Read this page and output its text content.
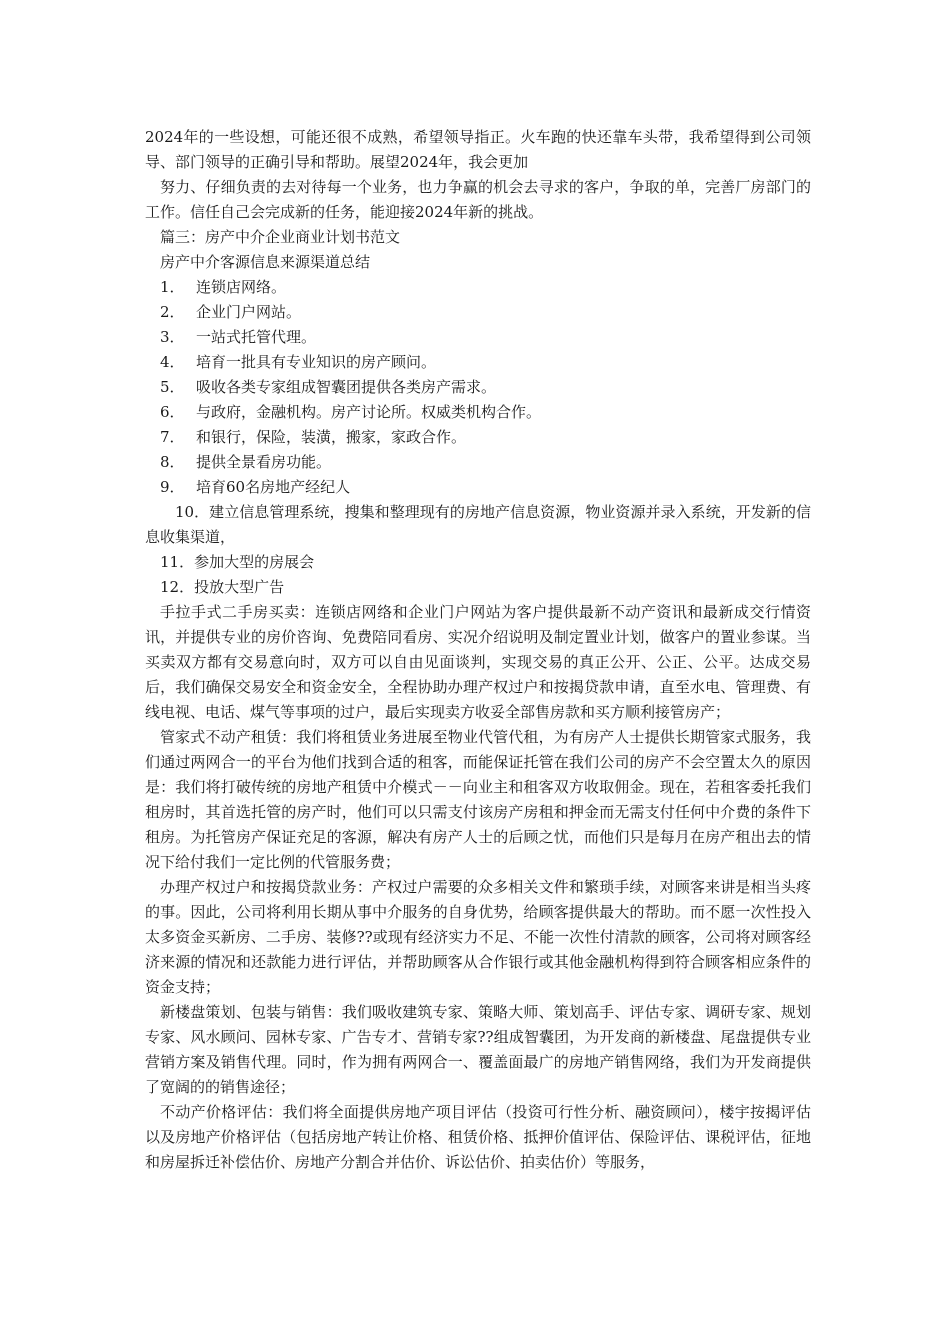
2024年的一些设想，可能还很不成熟，希望领导指正。火车跑的快还靠车头带，我希望得到公司领导、部门领导的正确引导和帮助。展望2024年，我会更加

努力、仔细负责的去对待每一个业务，也力争赢的机会去寻求的客户，争取的单，完善厂房部门的工作。信任自己会完成新的任务，能迎接2024年新的挑战。

篇三：房产中介企业商业计划书范文

房产中介客源信息来源渠道总结

1． 连锁店网络。

2． 企业门户网站。

3． 一站式托管代理。

4． 培育一批具有专业知识的房产顾问。

5． 吸收各类专家组成智囊团提供各类房产需求。

6． 与政府，金融机构。房产讨论所。权威类机构合作。

7． 和银行，保险，装潢，搬家，家政合作。

8． 提供全景看房功能。

9． 培育60名房地产经纪人

10．建立信息管理系统，搜集和整理现有的房地产信息资源，物业资源并录入系统，开发新的信息收集渠道，

11．参加大型的房展会

12．投放大型广告

手拉手式二手房买卖：连锁店网络和企业门户网站为客户提供最新不动产资讯和最新成交行情资讯，并提供专业的房价咨询、免费陪同看房、实况介绍说明及制定置业计划，做客户的置业参谋。当买卖双方都有交易意向时，双方可以自由见面谈判，实现交易的真正公开、公正、公平。达成交易后，我们确保交易安全和资金安全，全程协助办理产权过户和按揭贷款申请，直至水电、管理费、有线电视、电话、煤气等事项的过户，最后实现卖方收妥全部售房款和买方顺利接管房产；

管家式不动产租赁：我们将租赁业务进展至物业代管代租，为有房产人士提供长期管家式服务，我们通过两网合一的平台为他们找到合适的租客，而能保证托管在我们公司的房产不会空置太久的原因是：我们将打破传统的房地产租赁中介模式－－向业主和租客双方收取佣金。现在，若租客委托我们租房时，其首选托管的房产时，他们可以只需支付该房产房租和押金而无需支付任何中介费的条件下租房。为托管房产保证充足的客源，解决有房产人士的后顾之忧，而他们只是每月在房产租出去的情况下给付我们一定比例的代管服务费；

办理产权过户和按揭贷款业务：产权过户需要的众多相关文件和繁琐手续，对顾客来讲是相当头疼的事。因此，公司将利用长期从事中介服务的自身优势，给顾客提供最大的帮助。而不愿一次性投入太多资金买新房、二手房、装修??或现有经济实力不足、不能一次性付清款的顾客，公司将对顾客经济来源的情况和还款能力进行评估，并帮助顾客从合作银行或其他金融机构得到符合顾客相应条件的资金支持；

新楼盘策划、包装与销售：我们吸收建筑专家、策略大师、策划高手、评估专家、调研专家、规划专家、风水顾问、园林专家、广告专才、营销专家??组成智囊团，为开发商的新楼盘、尾盘提供专业营销方案及销售代理。同时，作为拥有两网合一、覆盖面最广的房地产销售网络，我们为开发商提供了宽阔的的销售途径；

不动产价格评估：我们将全面提供房地产项目评估（投资可行性分析、融资顾问），楼宇按揭评估以及房地产价格评估（包括房地产转让价格、租赁价格、抵押价值评估、保险评估、课税评估，征地和房屋拆迁补偿估价、房地产分割合并估价、诉讼估价、拍卖估价）等服务，
